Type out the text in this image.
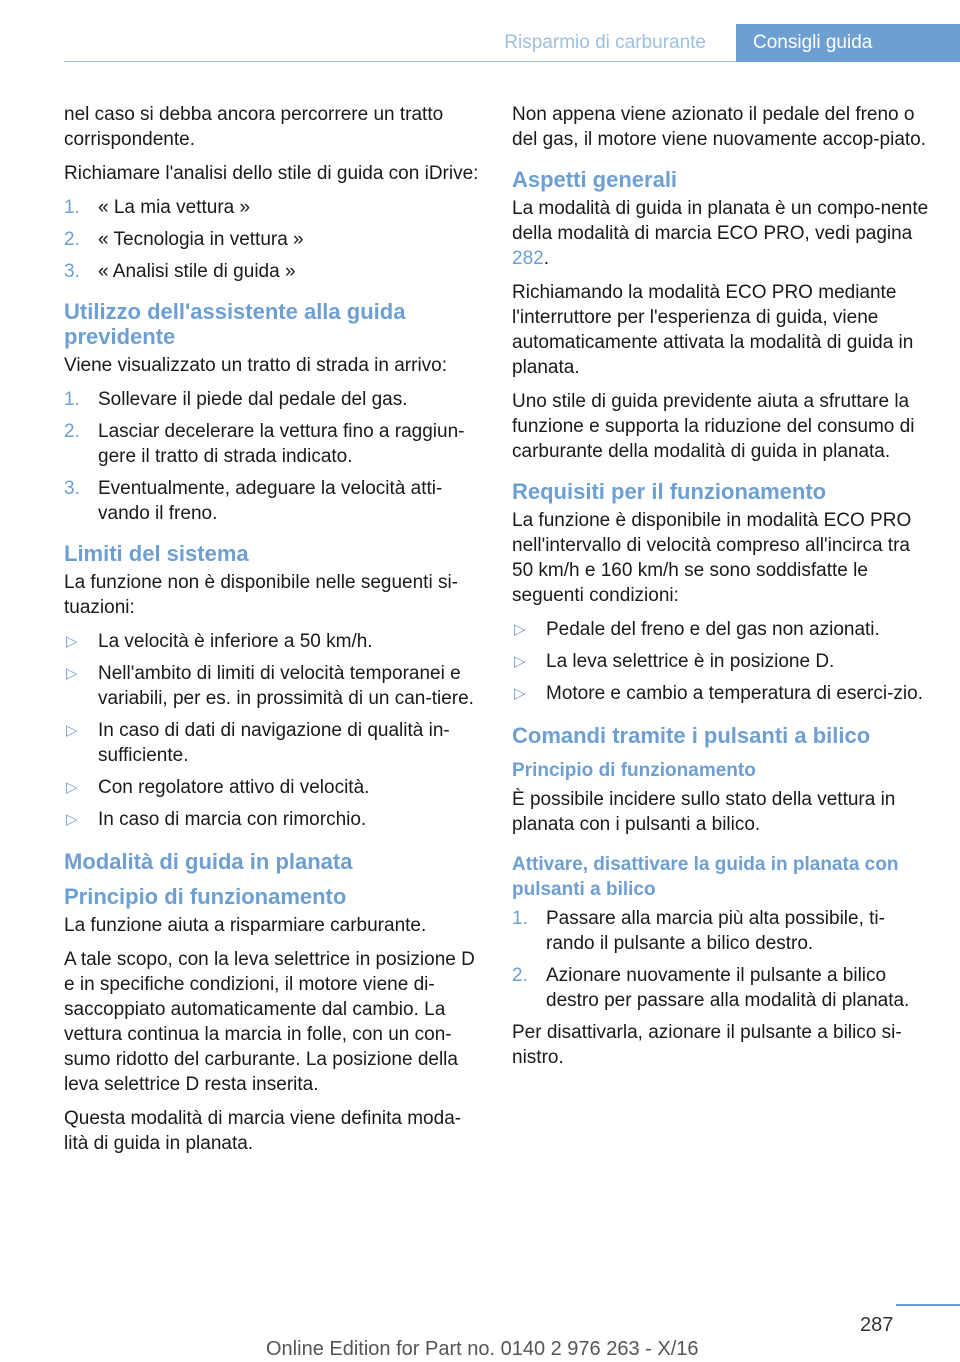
Risparmio di carburante	Consigli guida

nel caso si debba ancora percorrere un tratto corrispondente.

Richiamare l'analisi dello stile di guida con iDrive:

1. « La mia vettura »
2. « Tecnologia in vettura »
3. « Analisi stile di guida »
Utilizzo dell'assistente alla guida previdente

Viene visualizzato un tratto di strada in arrivo:

1. Sollevare il piede dal pedale del gas.
2. Lasciar decelerare la vettura fino a raggiun‐gere il tratto di strada indicato.
3. Eventualmente, adeguare la velocità atti‐vando il freno.
Limiti del sistema

La funzione non è disponibile nelle seguenti si‐tuazioni:

▷ La velocità è inferiore a 50 km/h.
▷ Nell'ambito di limiti di velocità temporanei e variabili, per es. in prossimità di un can‐tiere.
▷ In caso di dati di navigazione di qualità in‐sufficiente.
▷ Con regolatore attivo di velocità.
▷ In caso di marcia con rimorchio.
Modalità di guida in planata
Principio di funzionamento

La funzione aiuta a risparmiare carburante.

A tale scopo, con la leva selettrice in posizione D e in specifiche condizioni, il motore viene di‐saccoppiato automaticamente dal cambio. La vettura continua la marcia in folle, con un con‐sumo ridotto del carburante. La posizione della leva selettrice D resta inserita.

Questa modalità di marcia viene definita moda‐lità di guida in planata.

Non appena viene azionato il pedale del freno o del gas, il motore viene nuovamente accop‐piato.

Aspetti generali

La modalità di guida in planata è un compo‐nente della modalità di marcia ECO PRO, vedi pagina 282.

Richiamando la modalità ECO PRO mediante l'interruttore per l'esperienza di guida, viene automaticamente attivata la modalità di guida in planata.

Uno stile di guida previdente aiuta a sfruttare la funzione e supporta la riduzione del consumo di carburante della modalità di guida in planata.

Requisiti per il funzionamento

La funzione è disponibile in modalità ECO PRO nell'intervallo di velocità compreso all'incirca tra 50 km/h e 160 km/h se sono soddisfatte le seguenti condizioni:

▷ Pedale del freno e del gas non azionati.
▷ La leva selettrice è in posizione D.
▷ Motore e cambio a temperatura di eserci‐zio.
Comandi tramite i pulsanti a bilico
Principio di funzionamento

È possibile incidere sullo stato della vettura in planata con i pulsanti a bilico.

Attivare, disattivare la guida in planata con pulsanti a bilico
1. Passare alla marcia più alta possibile, ti‐rando il pulsante a bilico destro.
2. Azionare nuovamente il pulsante a bilico destro per passare alla modalità di planata.

Per disattivarla, azionare il pulsante a bilico si‐nistro.

287
Online Edition for Part no. 0140 2 976 263 - X/16
